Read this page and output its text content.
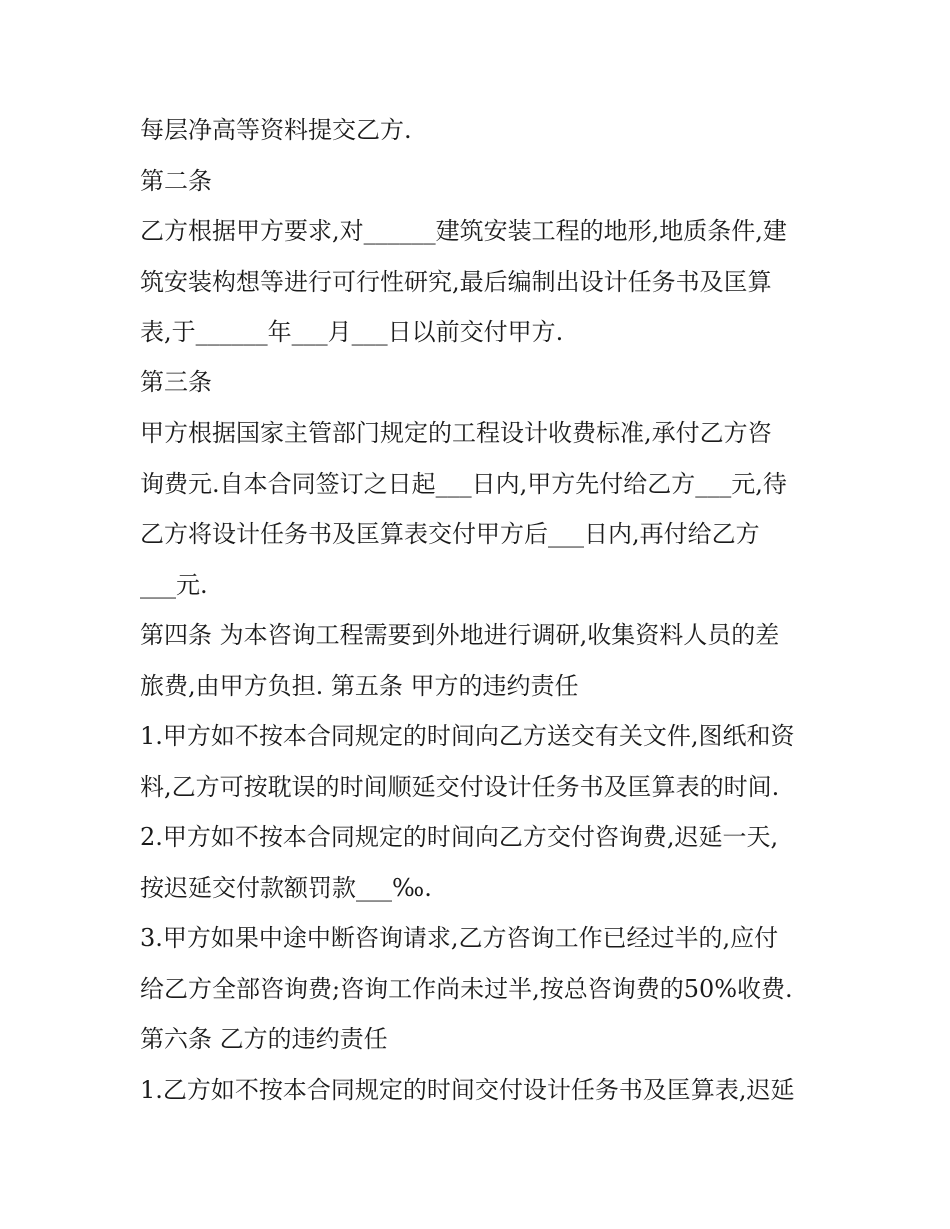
每层净高等资料提交乙方.
第二条
乙方根据甲方要求,对______建筑安装工程的地形,地质条件,建
筑安装构想等进行可行性研究,最后编制出设计任务书及匡算
表,于______年___月___日以前交付甲方.
第三条
甲方根据国家主管部门规定的工程设计收费标准,承付乙方咨
询费元.自本合同签订之日起___日内,甲方先付给乙方___元,待
乙方将设计任务书及匡算表交付甲方后___日内,再付给乙方
___元.
第四条 为本咨询工程需要到外地进行调研,收集资料人员的差
旅费,由甲方负担. 第五条 甲方的违约责任
1.甲方如不按本合同规定的时间向乙方送交有关文件,图纸和资
料,乙方可按耽误的时间顺延交付设计任务书及匡算表的时间.
2.甲方如不按本合同规定的时间向乙方交付咨询费,迟延一天,
按迟延交付款额罚款___‰.
3.甲方如果中途中断咨询请求,乙方咨询工作已经过半的,应付
给乙方全部咨询费;咨询工作尚未过半,按总咨询费的50%收费.
第六条 乙方的违约责任
1.乙方如不按本合同规定的时间交付设计任务书及匡算表,迟延
